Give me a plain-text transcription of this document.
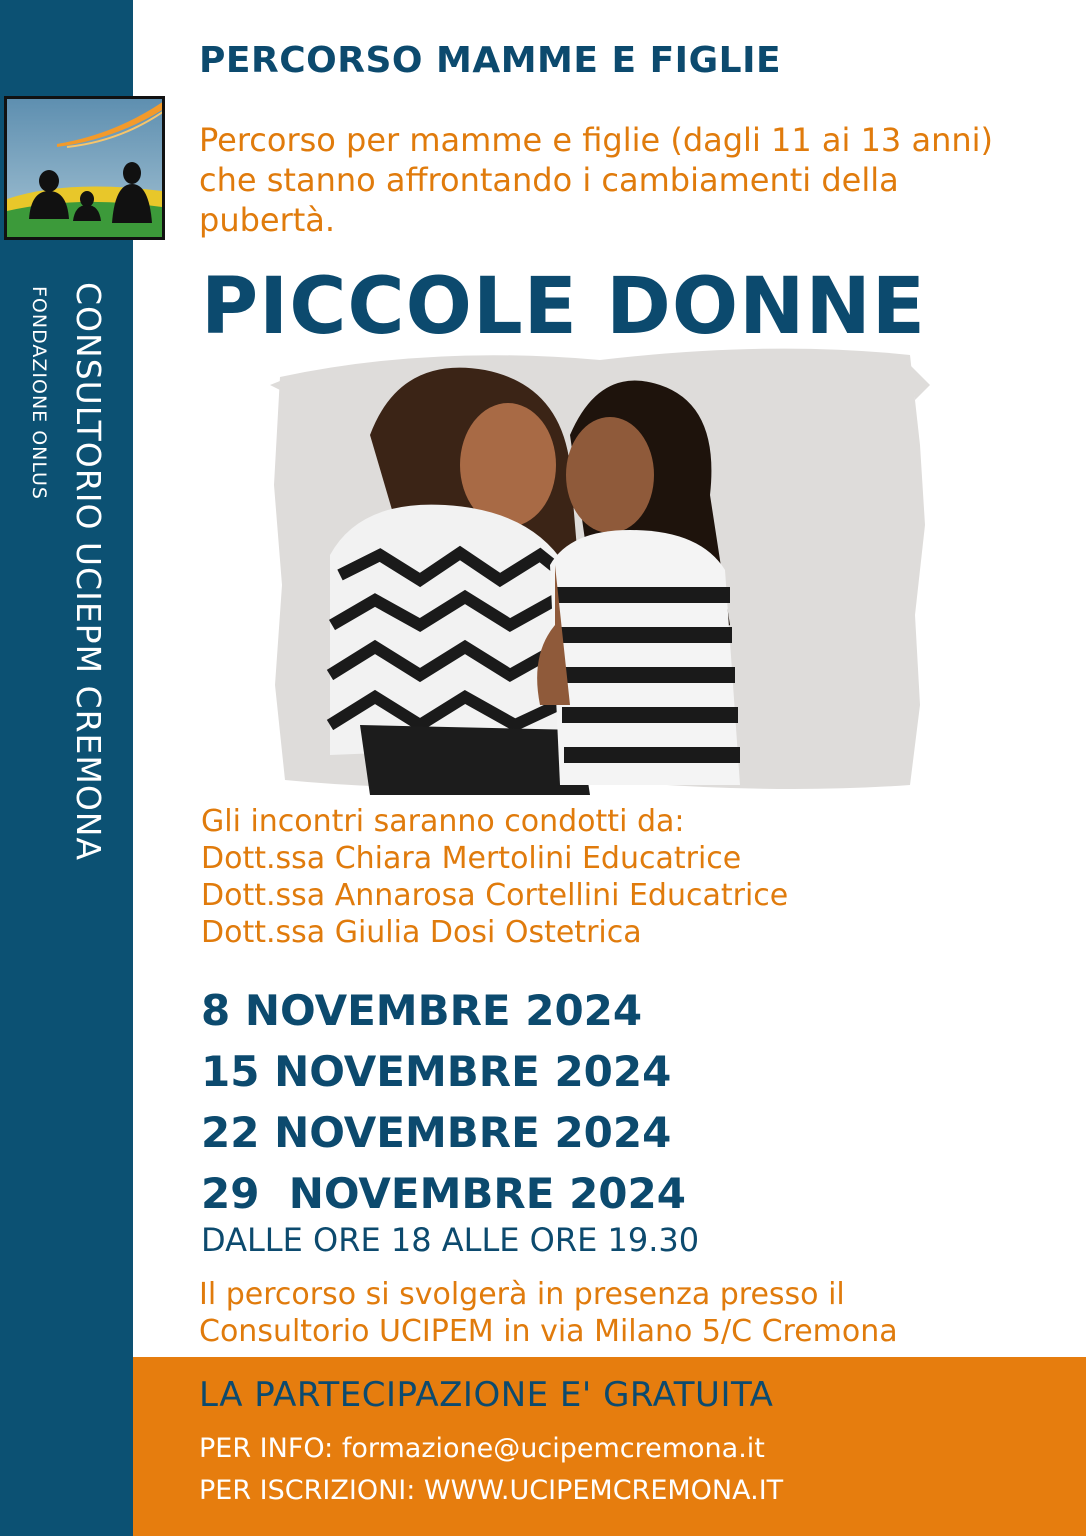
CONSULTORIO UCIEPM CREMONA
FONDAZIONE ONLUS
PERCORSO MAMME E FIGLIE

Percorso per mamme e figlie (dagli 11 ai 13 anni) che stanno affrontando i cambiamenti della pubertà.

PICCOLE DONNE
Gli incontri saranno condotti da:
Dott.ssa Chiara Mertolini Educatrice
Dott.ssa Annarosa Cortellini Educatrice
Dott.ssa Giulia Dosi Ostetrica
8 NOVEMBRE 2024
15 NOVEMBRE 2024
22 NOVEMBRE 2024
29  NOVEMBRE 2024

DALLE ORE 18 ALLE ORE 19.30

Il percorso si svolgerà in presenza presso il
Consultorio UCIPEM in via Milano 5/C Cremona

LA PARTECIPAZIONE E' GRATUITA

PER INFO: formazione@ucipemcremona.it
PER ISCRIZIONI: WWW.UCIPEMCREMONA.IT
